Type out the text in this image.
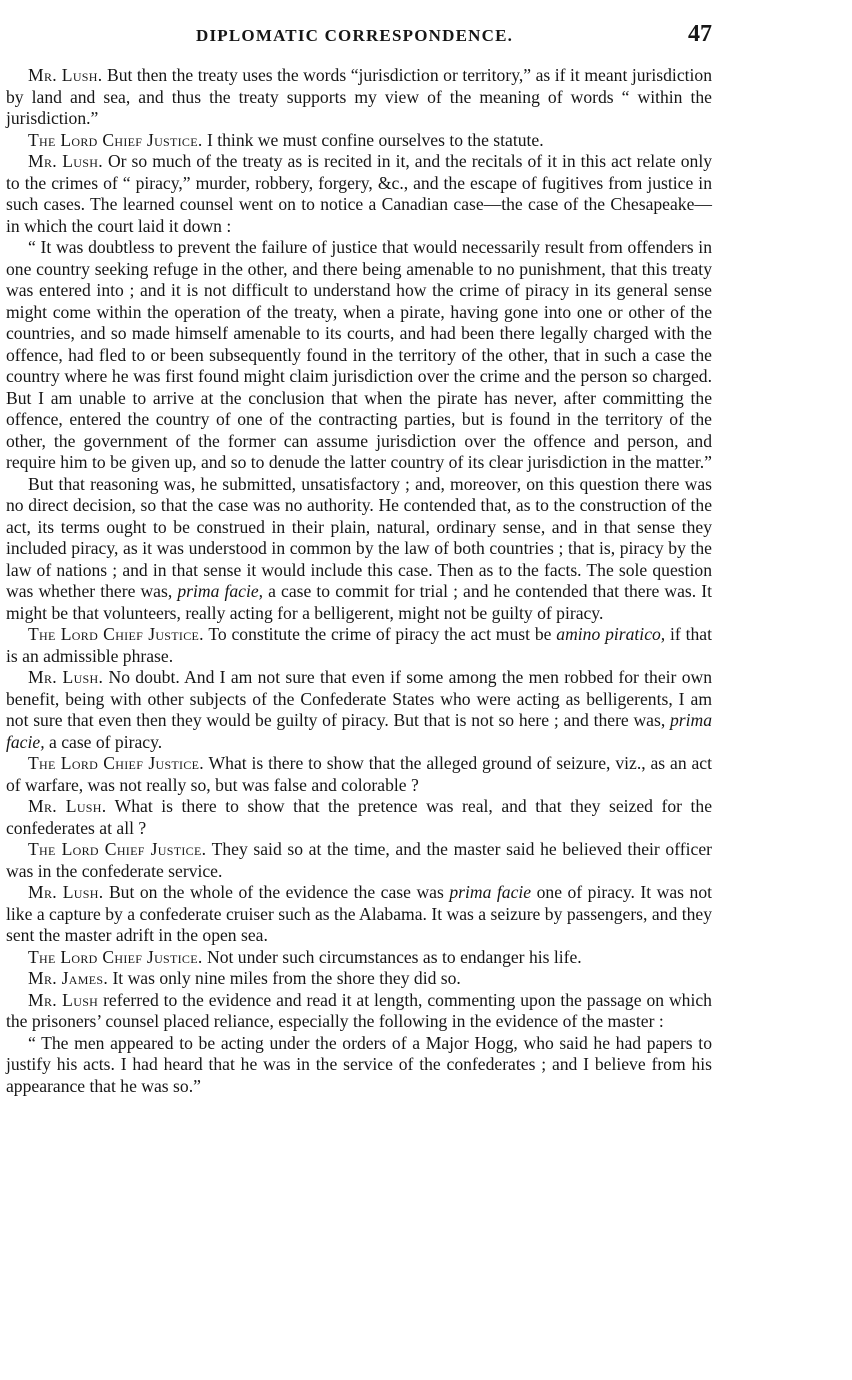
DIPLOMATIC CORRESPONDENCE.	47

Mr. Lush. But then the treaty uses the words “jurisdiction or territory,” as if it meant jurisdiction by land and sea, and thus the treaty supports my view of the meaning of words “ within the jurisdiction.”

The Lord Chief Justice. I think we must confine ourselves to the statute.

Mr. Lush. Or so much of the treaty as is recited in it, and the recitals of it in this act relate only to the crimes of “ piracy,” murder, robbery, forgery, &c., and the escape of fugitives from justice in such cases. The learned counsel went on to notice a Canadian case—the case of the Chesapeake—in which the court laid it down :

“ It was doubtless to prevent the failure of justice that would necessarily result from offenders in one country seeking refuge in the other, and there being amenable to no punishment, that this treaty was entered into ; and it is not difficult to understand how the crime of piracy in its general sense might come within the operation of the treaty, when a pirate, having gone into one or other of the countries, and so made himself amenable to its courts, and had been there legally charged with the offence, had fled to or been subsequently found in the territory of the other, that in such a case the country where he was first found might claim jurisdiction over the crime and the person so charged. But I am unable to arrive at the conclusion that when the pirate has never, after committing the offence, entered the country of one of the contracting parties, but is found in the territory of the other, the government of the former can assume jurisdiction over the offence and person, and require him to be given up, and so to denude the latter country of its clear jurisdiction in the matter.”

But that reasoning was, he submitted, unsatisfactory ; and, moreover, on this question there was no direct decision, so that the case was no authority. He contended that, as to the construction of the act, its terms ought to be construed in their plain, natural, ordinary sense, and in that sense they included piracy, as it was understood in common by the law of both countries ; that is, piracy by the law of nations ; and in that sense it would include this case. Then as to the facts. The sole question was whether there was, prima facie, a case to commit for trial ; and he contended that there was. It might be that volunteers, really acting for a belligerent, might not be guilty of piracy.

The Lord Chief Justice. To constitute the crime of piracy the act must be amino piratico, if that is an admissible phrase.

Mr. Lush. No doubt. And I am not sure that even if some among the men robbed for their own benefit, being with other subjects of the Confederate States who were acting as belligerents, I am not sure that even then they would be guilty of piracy. But that is not so here ; and there was, prima facie, a case of piracy.

The Lord Chief Justice. What is there to show that the alleged ground of seizure, viz., as an act of warfare, was not really so, but was false and colorable ?

Mr. Lush. What is there to show that the pretence was real, and that they seized for the confederates at all ?

The Lord Chief Justice. They said so at the time, and the master said he believed their officer was in the confederate service.

Mr. Lush. But on the whole of the evidence the case was prima facie one of piracy. It was not like a capture by a confederate cruiser such as the Alabama. It was a seizure by passengers, and they sent the master adrift in the open sea.

The Lord Chief Justice. Not under such circumstances as to endanger his life.

Mr. James. It was only nine miles from the shore they did so.

Mr. Lush referred to the evidence and read it at length, commenting upon the passage on which the prisoners’ counsel placed reliance, especially the following in the evidence of the master :

“ The men appeared to be acting under the orders of a Major Hogg, who said he had papers to justify his acts. I had heard that he was in the service of the confederates ; and I believe from his appearance that he was so.”
